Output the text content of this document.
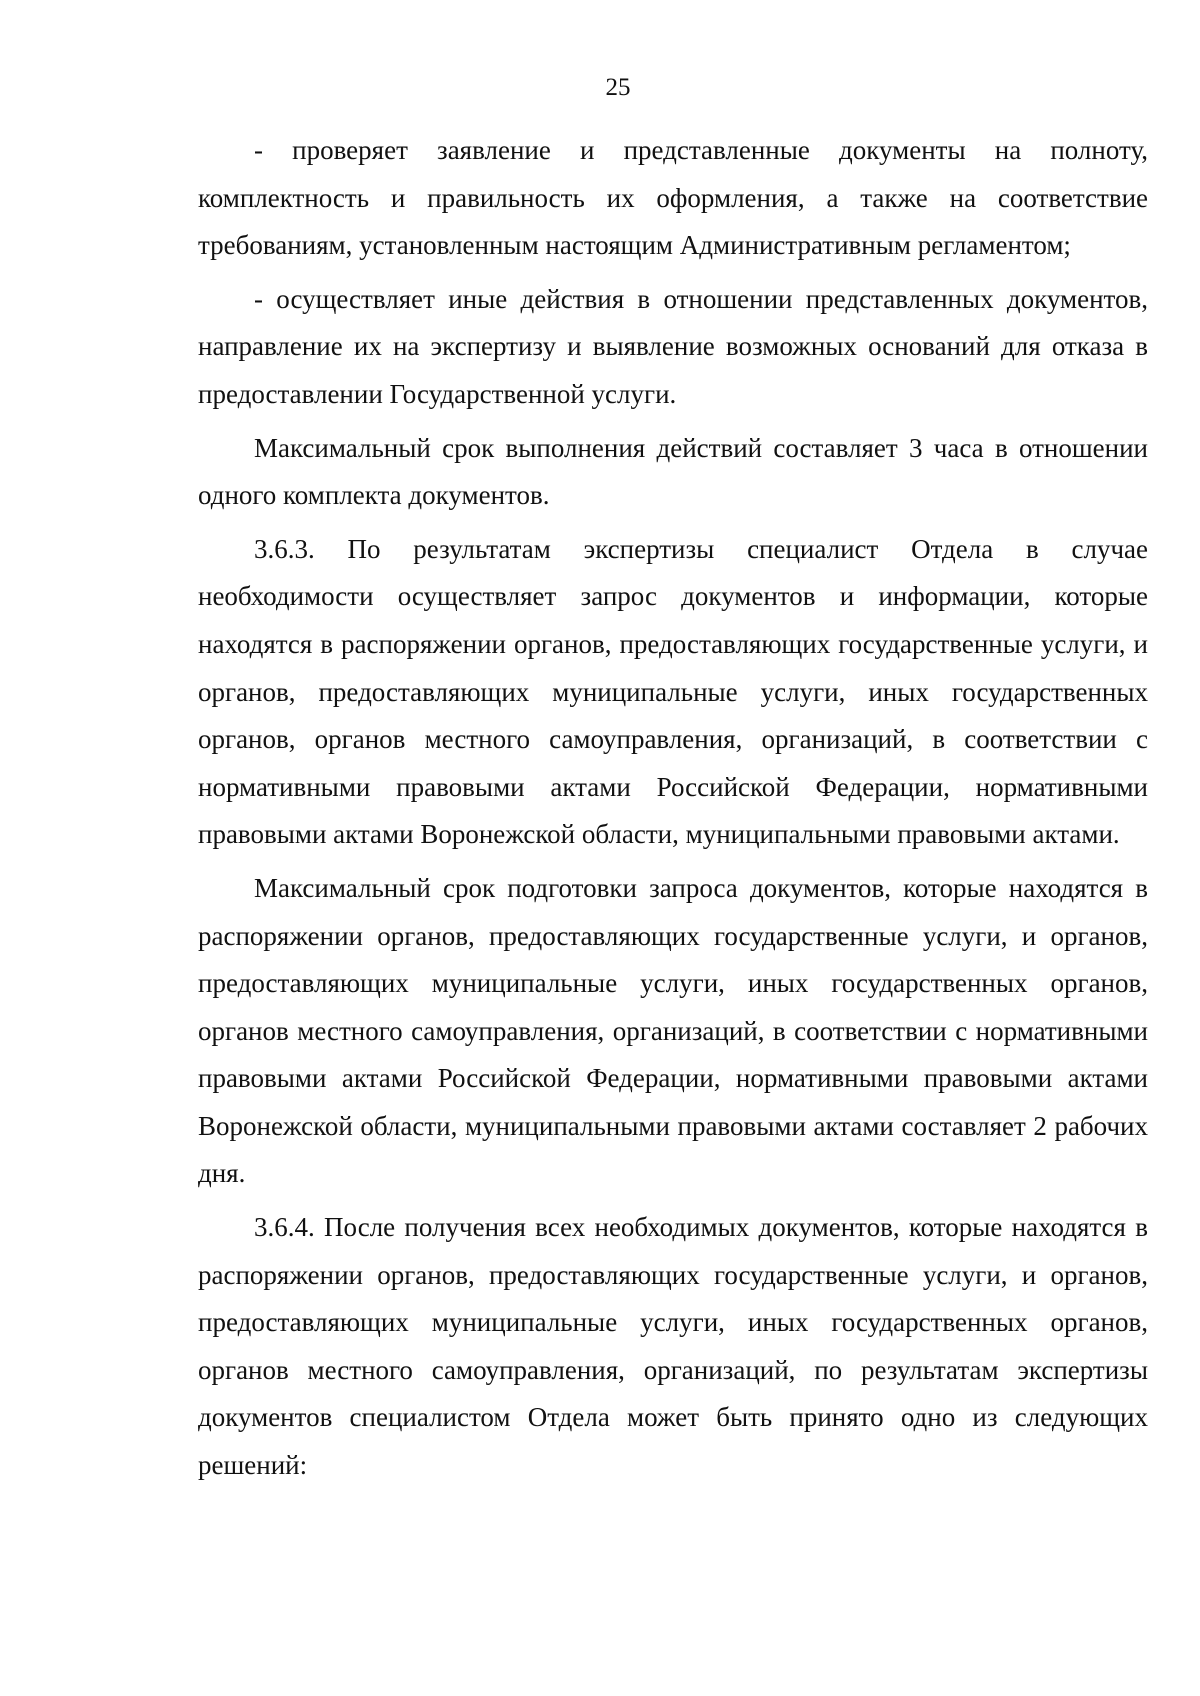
25

- проверяет заявление и представленные документы на полноту, комплектность и правильность их оформления, а также на соответствие требованиям, установленным настоящим Административным регламентом;

- осуществляет иные действия в отношении представленных документов, направление их на экспертизу и выявление возможных оснований для отказа в предоставлении Государственной услуги.

Максимальный срок выполнения действий составляет 3 часа в отношении одного комплекта документов.

3.6.3. По результатам экспертизы специалист Отдела в случае необходимости осуществляет запрос документов и информации, которые находятся в распоряжении органов, предоставляющих государственные услуги, и органов, предоставляющих муниципальные услуги, иных государственных органов, органов местного самоуправления, организаций, в соответствии с нормативными правовыми актами Российской Федерации, нормативными правовыми актами Воронежской области, муниципальными правовыми актами.

Максимальный срок подготовки запроса документов, которые находятся в распоряжении органов, предоставляющих государственные услуги, и органов, предоставляющих муниципальные услуги, иных государственных органов, органов местного самоуправления, организаций, в соответствии с нормативными правовыми актами Российской Федерации, нормативными правовыми актами Воронежской области, муниципальными правовыми актами составляет 2 рабочих дня.

3.6.4. После получения всех необходимых документов, которые находятся в распоряжении органов, предоставляющих государственные услуги, и органов, предоставляющих муниципальные услуги, иных государственных органов, органов местного самоуправления, организаций, по результатам экспертизы документов специалистом Отдела может быть принято одно из следующих решений:
